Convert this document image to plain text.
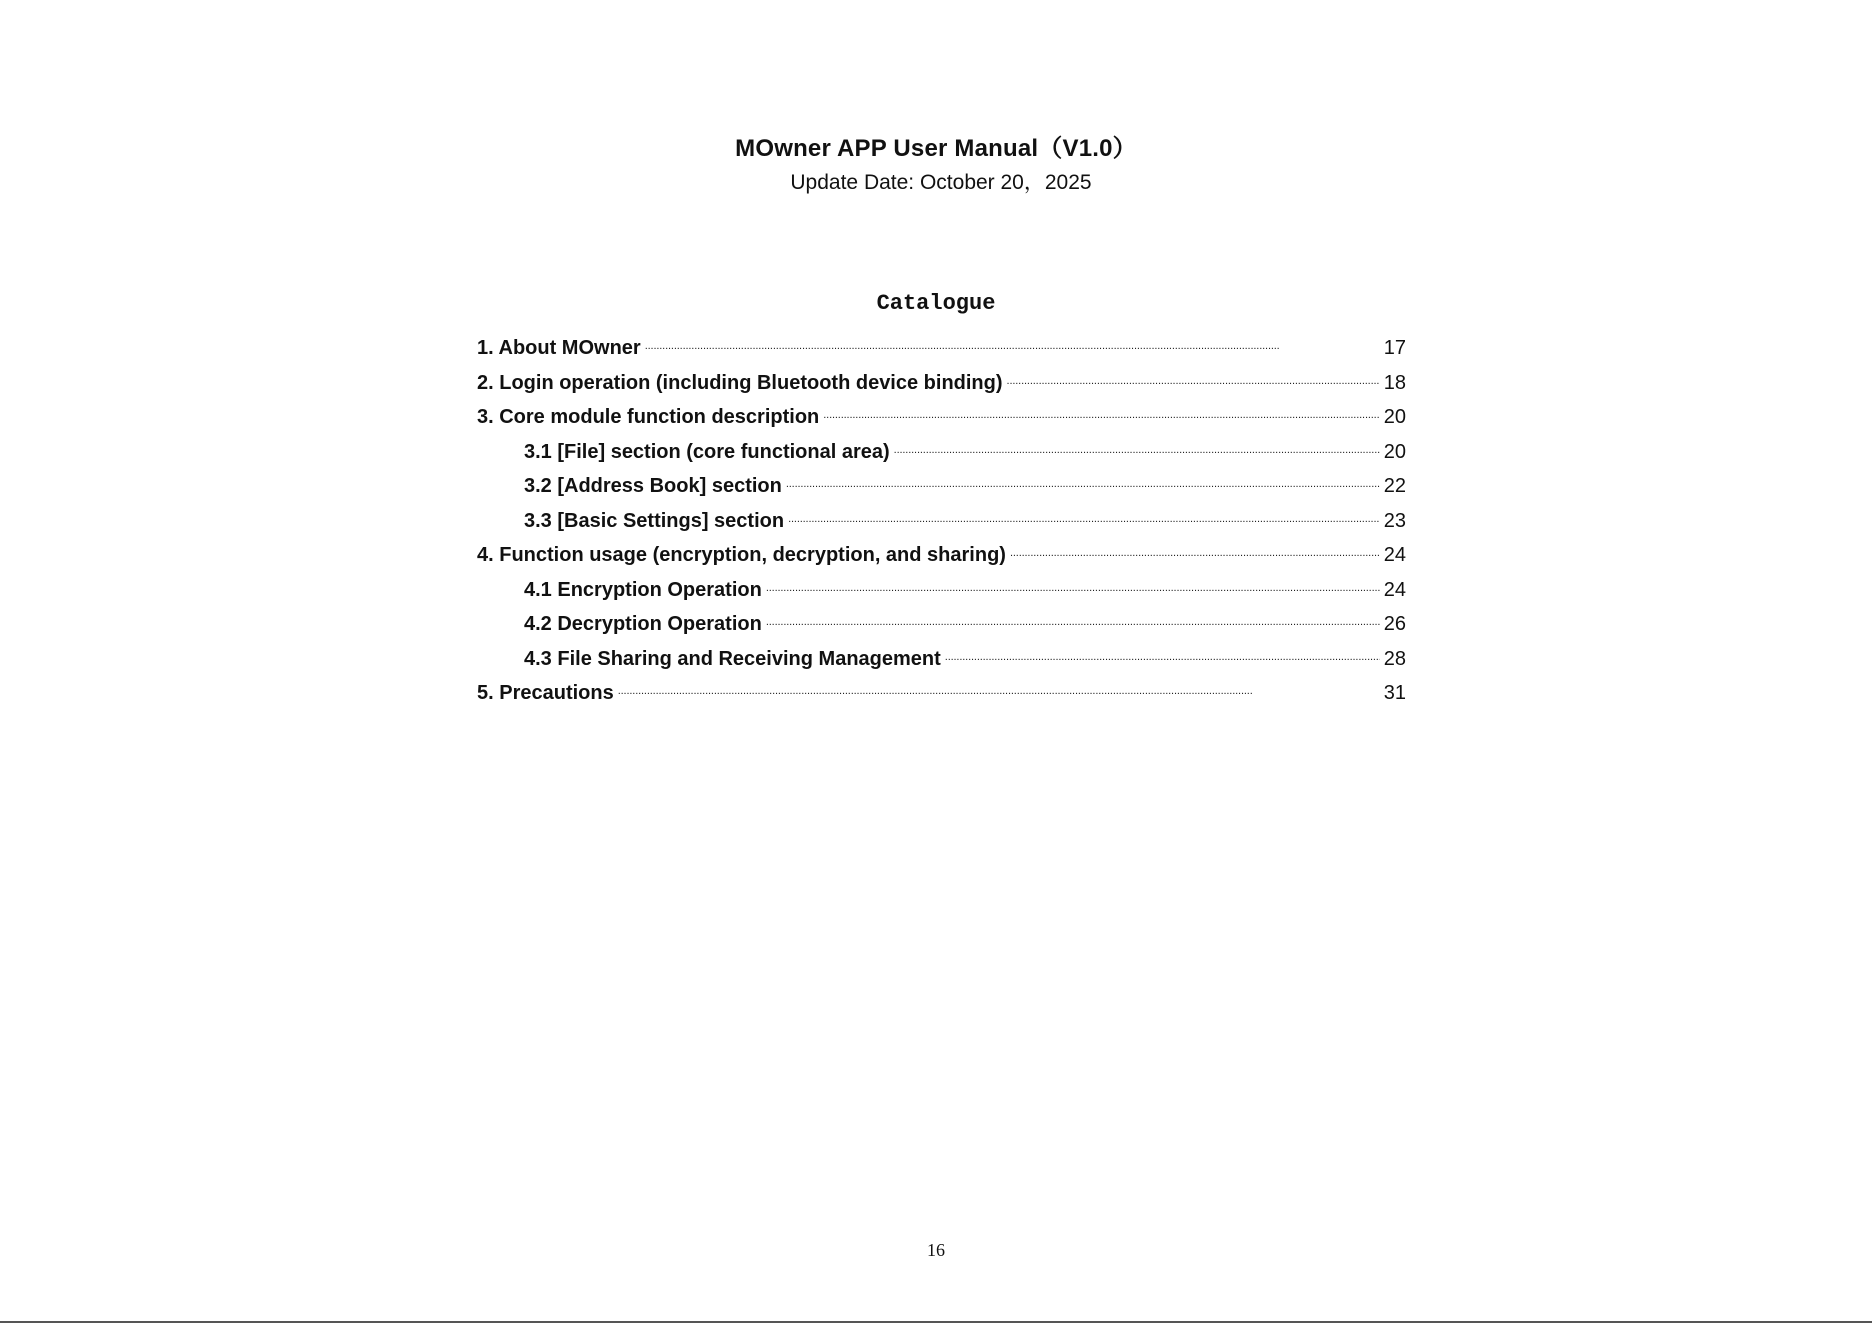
MOwner APP User Manual（V1.0）

Update Date: October 20，2025

Catalogue
1. About MOwner . . .	17
2. Login operation (including Bluetooth device binding) . . .	18
3. Core module function description . . .	20
3.1 [File] section (core functional area) . . .	20
3.2 [Address Book] section . . .	22
3.3 [Basic Settings] section . . .	23
4. Function usage (encryption, decryption, and sharing) . . .	24
4.1 Encryption Operation . . .	24
4.2 Decryption Operation . . .	26
4.3 File Sharing and Receiving Management . . .	28
5. Precautions . . .	31

16
